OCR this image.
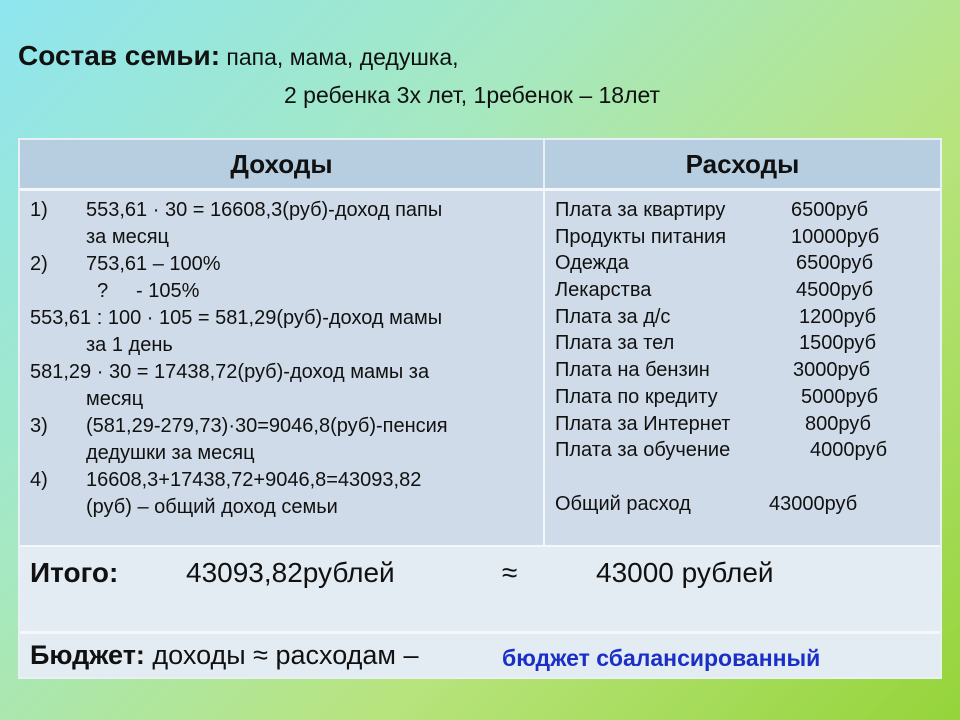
Состав семьи: папа, мама, дедушка,
2 ребенка 3х лет, 1ребенок – 18лет
Доходы	Расходы
1) 553,61 · 30 = 16608,3(руб)-доход папы
за месяц
2) 753,61 – 100%
?     - 105%
553,61 : 100 · 105 = 581,29(руб)-доход мамы
за 1 день
581,29 · 30 = 17438,72(руб)-доход мамы за
месяц
3) (581,29-279,73)·30=9046,8(руб)-пенсия
дедушки за месяц
4) 16608,3+17438,72+9046,8=43093,82
(руб) – общий доход семьи
Плата за квартиру	6500руб
Продукты питания	10000руб
Одежда	6500руб
Лекарства	4500руб
Плата за д/с	1200руб
Плата за тел	1500руб
Плата на бензин	3000руб
Плата по кредиту	5000руб
Плата за Интернет	800руб
Плата за обучение	4000руб
Общий расход	43000руб
Итого: 43093,82рублей	≈	43000 рублей
Бюджет: доходы ≈ расходам –	бюджет сбалансированный
